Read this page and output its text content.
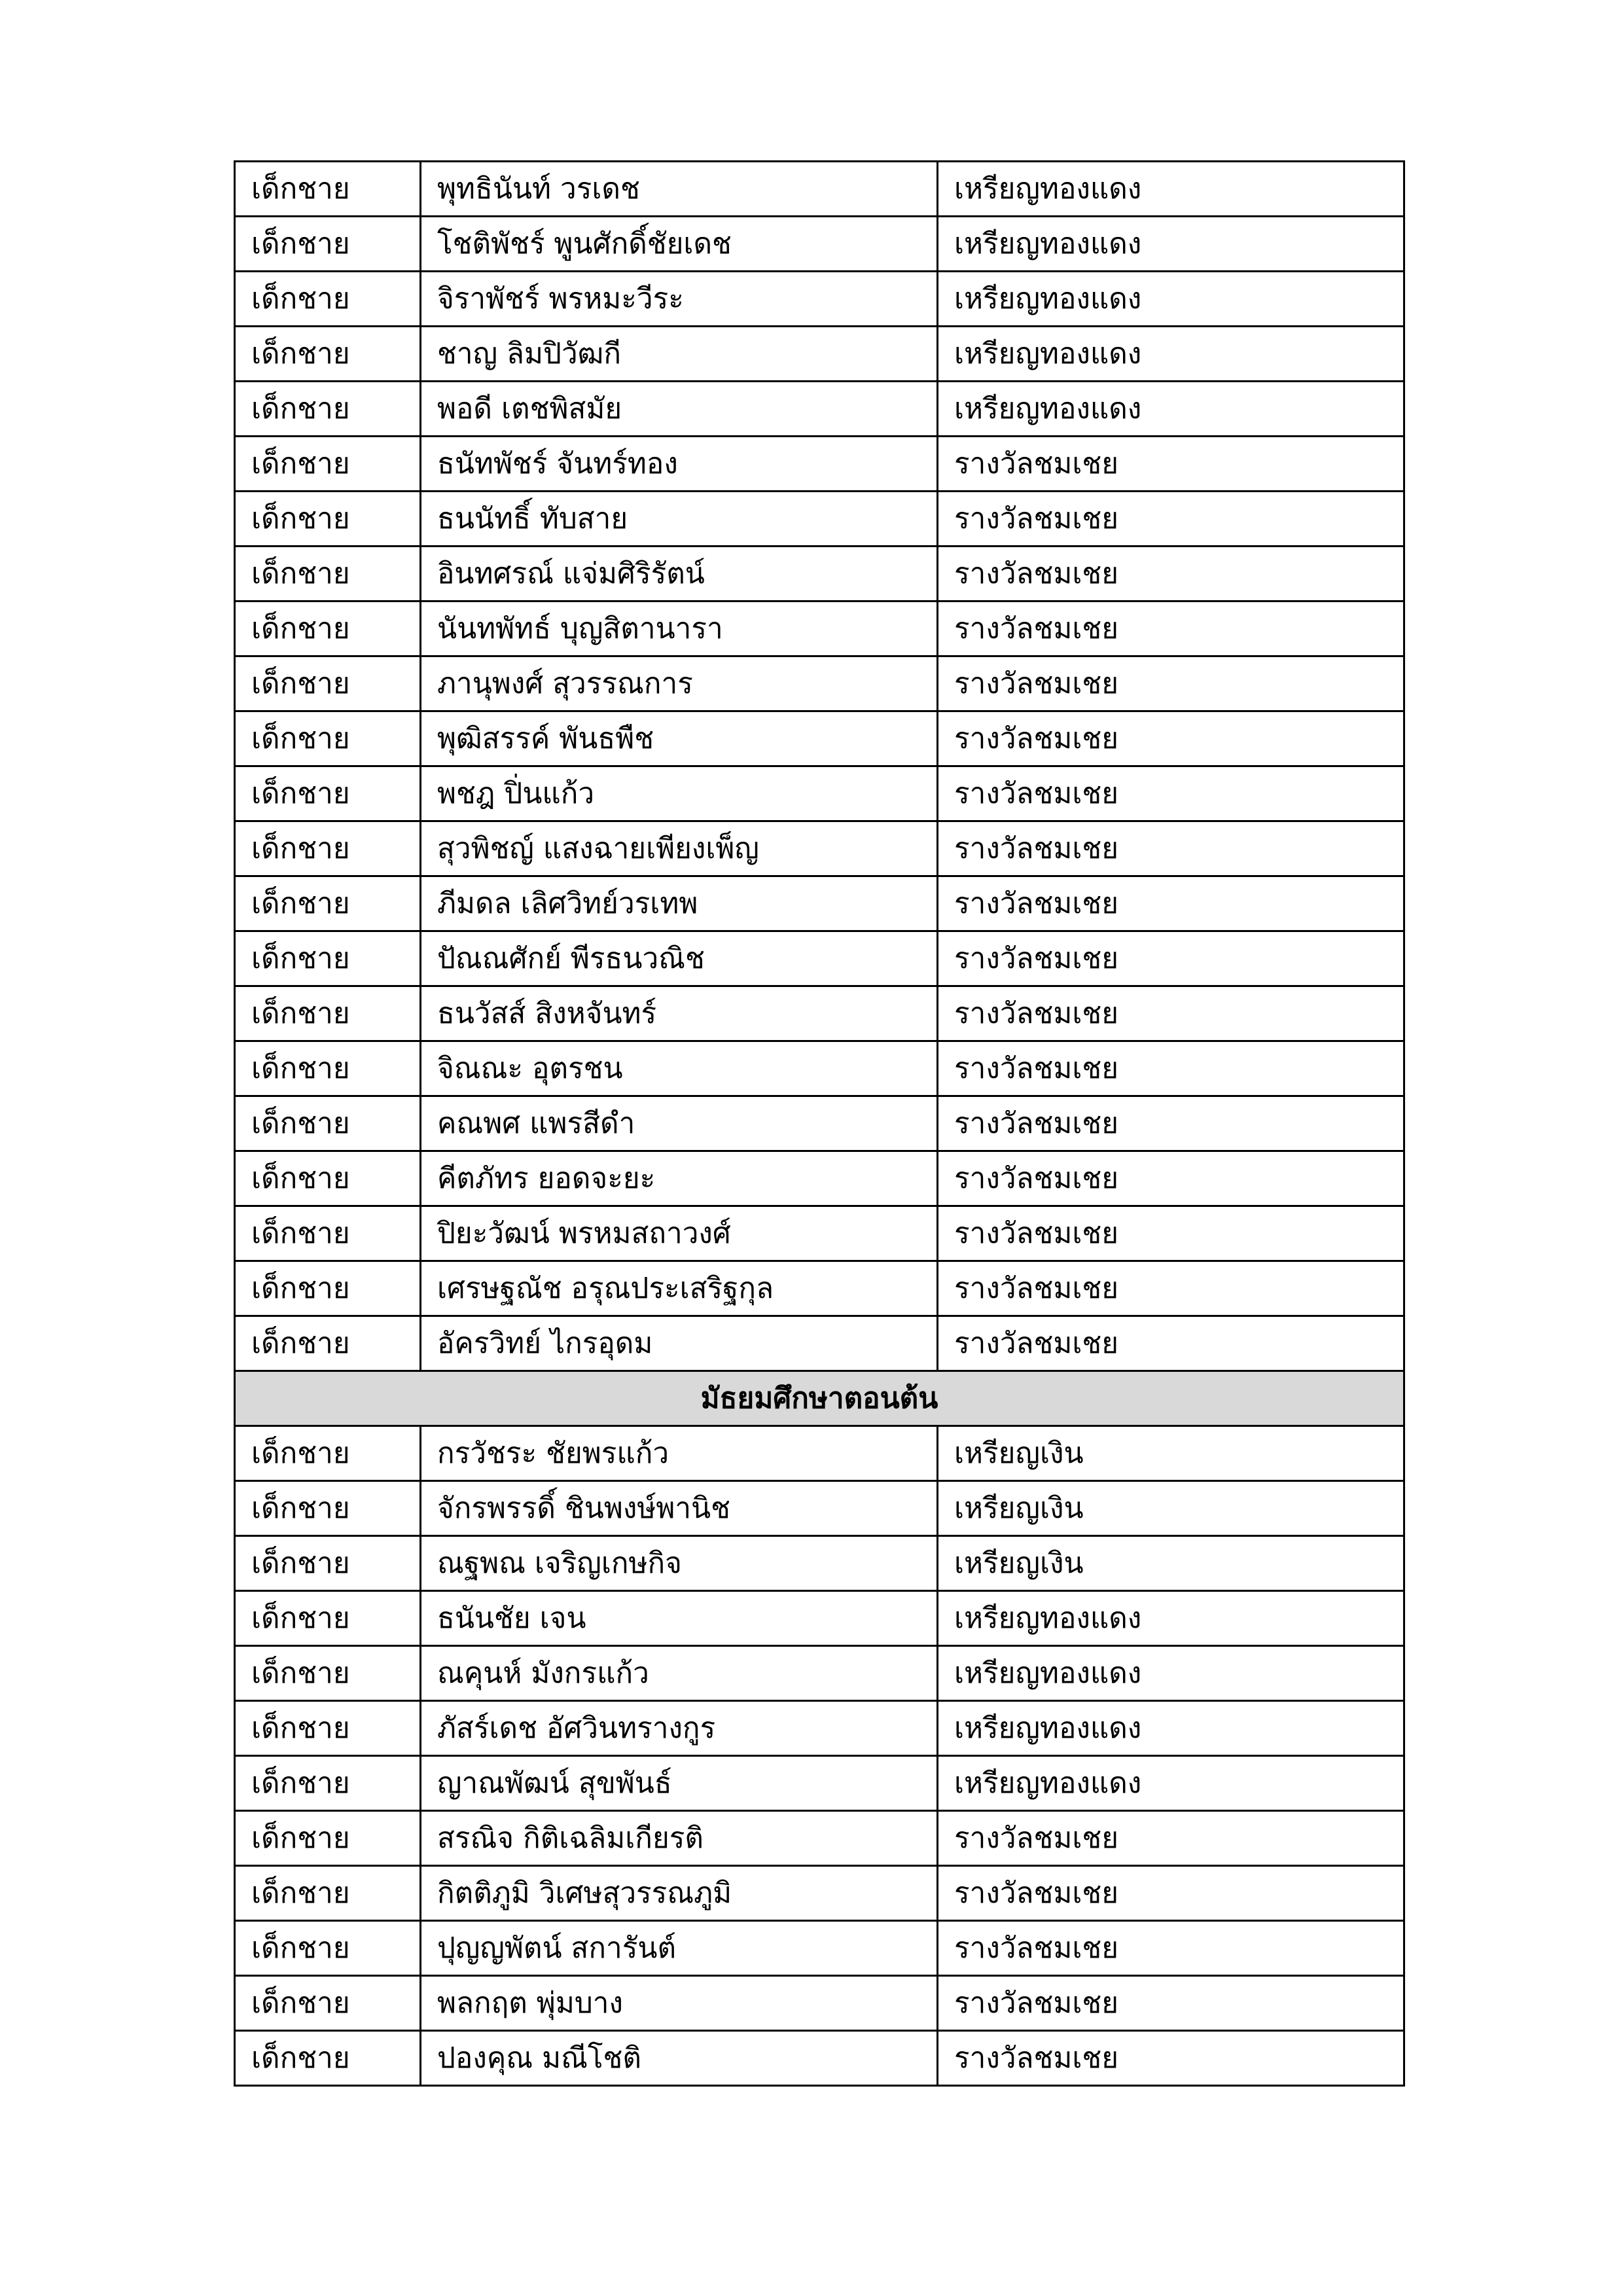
เด็กชาย	พุทธินันท์ วรเดช	เหรียญทองแดง
เด็กชาย	โชติพัชร์ พูนศักดิ์ชัยเดช	เหรียญทองแดง
เด็กชาย	จิราพัชร์ พรหมะวีระ	เหรียญทองแดง
เด็กชาย	ชาญ ลิมปิวัฒกี	เหรียญทองแดง
เด็กชาย	พอดี เตชพิสมัย	เหรียญทองแดง
เด็กชาย	ธนัทพัชร์ จันทร์ทอง	รางวัลชมเชย
เด็กชาย	ธนนัทธิ์ ทับสาย	รางวัลชมเชย
เด็กชาย	อินทศรณ์ แจ่มศิริรัตน์	รางวัลชมเชย
เด็กชาย	นันทพัทธ์ บุญสิตานารา	รางวัลชมเชย
เด็กชาย	ภานุพงศ์ สุวรรณการ	รางวัลชมเชย
เด็กชาย	พุฒิสรรค์ พันธพืช	รางวัลชมเชย
เด็กชาย	พชฎ ปิ่นแก้ว	รางวัลชมเชย
เด็กชาย	สุวพิชญ์ แสงฉายเพียงเพ็ญ	รางวัลชมเชย
เด็กชาย	ภีมดล เลิศวิทย์วรเทพ	รางวัลชมเชย
เด็กชาย	ปัณณศักย์ พีรธนวณิช	รางวัลชมเชย
เด็กชาย	ธนวัสส์ สิงหจันทร์	รางวัลชมเชย
เด็กชาย	จิณณะ อุตรชน	รางวัลชมเชย
เด็กชาย	คณพศ แพรสีดำ	รางวัลชมเชย
เด็กชาย	คีตภัทร ยอดจะยะ	รางวัลชมเชย
เด็กชาย	ปิยะวัฒน์ พรหมสถาวงศ์	รางวัลชมเชย
เด็กชาย	เศรษฐณัช อรุณประเสริฐกุล	รางวัลชมเชย
เด็กชาย	อัครวิทย์ ไกรอุดม	รางวัลชมเชย
มัธยมศึกษาตอนต้น		
เด็กชาย	กรวัชระ ชัยพรแก้ว	เหรียญเงิน
เด็กชาย	จักรพรรดิ์ ชินพงษ์พานิช	เหรียญเงิน
เด็กชาย	ณฐพณ เจริญเกษกิจ	เหรียญเงิน
เด็กชาย	ธนันชัย เจน	เหรียญทองแดง
เด็กชาย	ณคุนห์ มังกรแก้ว	เหรียญทองแดง
เด็กชาย	ภัสร์เดช อัศวินทรางกูร	เหรียญทองแดง
เด็กชาย	ญาณพัฒน์ สุขพันธ์	เหรียญทองแดง
เด็กชาย	สรณิจ กิติเฉลิมเกียรติ	รางวัลชมเชย
เด็กชาย	กิตติภูมิ วิเศษสุวรรณภูมิ	รางวัลชมเชย
เด็กชาย	ปุญญพัตน์ สการันต์	รางวัลชมเชย
เด็กชาย	พลกฤต พุ่มบาง	รางวัลชมเชย
เด็กชาย	ปองคุณ มณีโชติ	รางวัลชมเชย
